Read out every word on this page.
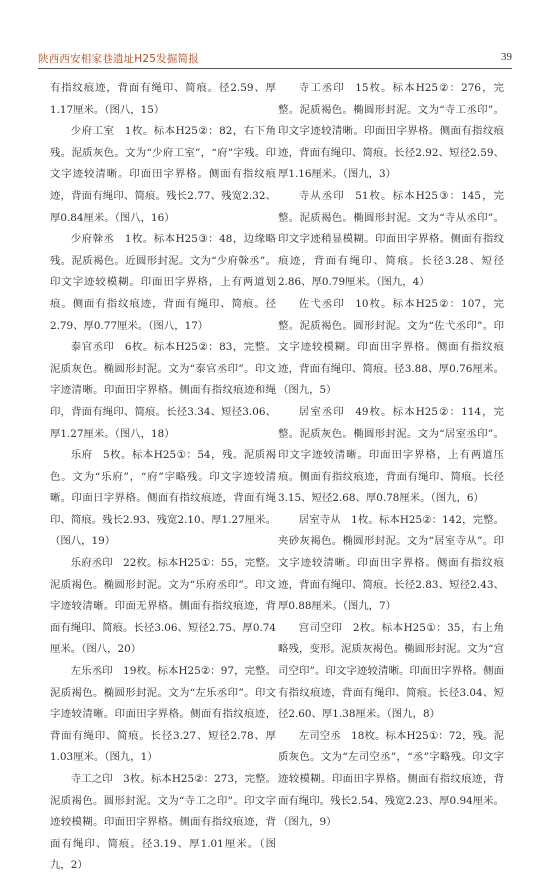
陕西西安相家巷遗址H25发掘简报	39

有指纹痕迹，背面有绳印、简痕。径2.59、厚1.17厘米。（图八，15）

少府工室  1枚。标本H25②：82，右下角残。泥质灰色。文为“少府工室”，“府”字残。印文字迹较清晰。印面田字界格。侧面有指纹痕迹，背面有绳印、简痕。残长2.77、残宽2.32、厚0.84厘米。（图八，16）

少府榦丞  1枚。标本H25③：48，边缘略残。泥质褐色。近圆形封泥。文为“少府榦丞”。印文字迹较模糊。印面田字界格，上有两道划痕。侧面有指纹痕迹，背面有绳印、简痕。径2.79、厚0.77厘米。（图八，17）

泰官丞印  6枚。标本H25②：83，完整。泥质灰色。椭圆形封泥。文为“泰官丞印”。印文字迹清晰。印面田字界格。侧面有指纹痕迹和绳印，背面有绳印、简痕。长径3.34、短径3.06、厚1.27厘米。（图八，18）

乐府  5枚。标本H25①：54，残。泥质褐色。文为“乐府”，“府”字略残。印文字迹较清晰。印面日字界格。侧面有指纹痕迹，背面有绳印、简痕。残长2.93、残宽2.10、厚1.27厘米。（图八，19）

乐府丞印  22枚。标本H25①：55，完整。泥质褐色。椭圆形封泥。文为“乐府丞印”。印文字迹较清晰。印面无界格。侧面有指纹痕迹，背面有绳印、简痕。长径3.06、短径2.75、厚0.74厘米。（图八，20）

左乐丞印  19枚。标本H25②：97，完整。泥质褐色。椭圆形封泥。文为“左乐丞印”。印文字迹较清晰。印面田字界格。侧面有指纹痕迹，背面有绳印、简痕。长径3.27、短径2.78、厚1.03厘米。（图九，1）

寺工之印  3枚。标本H25②：273，完整。泥质褐色。圆形封泥。文为“寺工之印”。印文字迹较模糊。印面田字界格。侧面有指纹痕迹，背面有绳印、简痕。径3.19、厚1.01厘米。（图九，2）

寺工丞印  15枚。标本H25②：276，完整。泥质褐色。椭圆形封泥。文为“寺工丞印”。印文字迹较清晰。印面田字界格。侧面有指纹痕迹，背面有绳印、简痕。长径2.92、短径2.59、厚1.16厘米。（图九，3）

寺从丞印  51枚。标本H25③：145，完整。泥质褐色。椭圆形封泥。文为“寺从丞印”。印文字迹稍显模糊。印面田字界格。侧面有指纹痕迹，背面有绳印、简痕。长径3.28、短径2.86、厚0.79厘米。（图九，4）

佐弋丞印  10枚。标本H25②：107，完整。泥质褐色。圆形封泥。文为“佐弋丞印”。印文字迹较模糊。印面田字界格。侧面有指纹痕迹，背面有绳印、简痕。径3.88、厚0.76厘米。（图九，5）

居室丞印  49枚。标本H25②：114，完整。泥质灰色。椭圆形封泥。文为“居室丞印”。印文字迹较清晰。印面田字界格，上有两道压痕。侧面有指纹痕迹，背面有绳印、简痕。长径3.15、短径2.68、厚0.78厘米。（图九，6）

居室寺从  1枚。标本H25②：142，完整。夹砂灰褐色。椭圆形封泥。文为“居室寺从”。印文字迹较清晰。印面田字界格。侧面有指纹痕迹，背面有绳印、简痕。长径2.83、短径2.43、厚0.88厘米。（图九，7）

宫司空印  2枚。标本H25①：35，右上角略残，变形。泥质灰褐色。椭圆形封泥。文为“宫司空印”。印文字迹较清晰。印面田字界格。侧面有指纹痕迹，背面有绳印、简痕。长径3.04、短径2.60、厚1.38厘米。（图九，8）

左司空丞  18枚。标本H25①：72，残。泥质灰色。文为“左司空丞”，“丞”字略残。印文字迹较模糊。印面田字界格。侧面有指纹痕迹，背面有绳印。残长2.54、残宽2.23、厚0.94厘米。（图九，9）
